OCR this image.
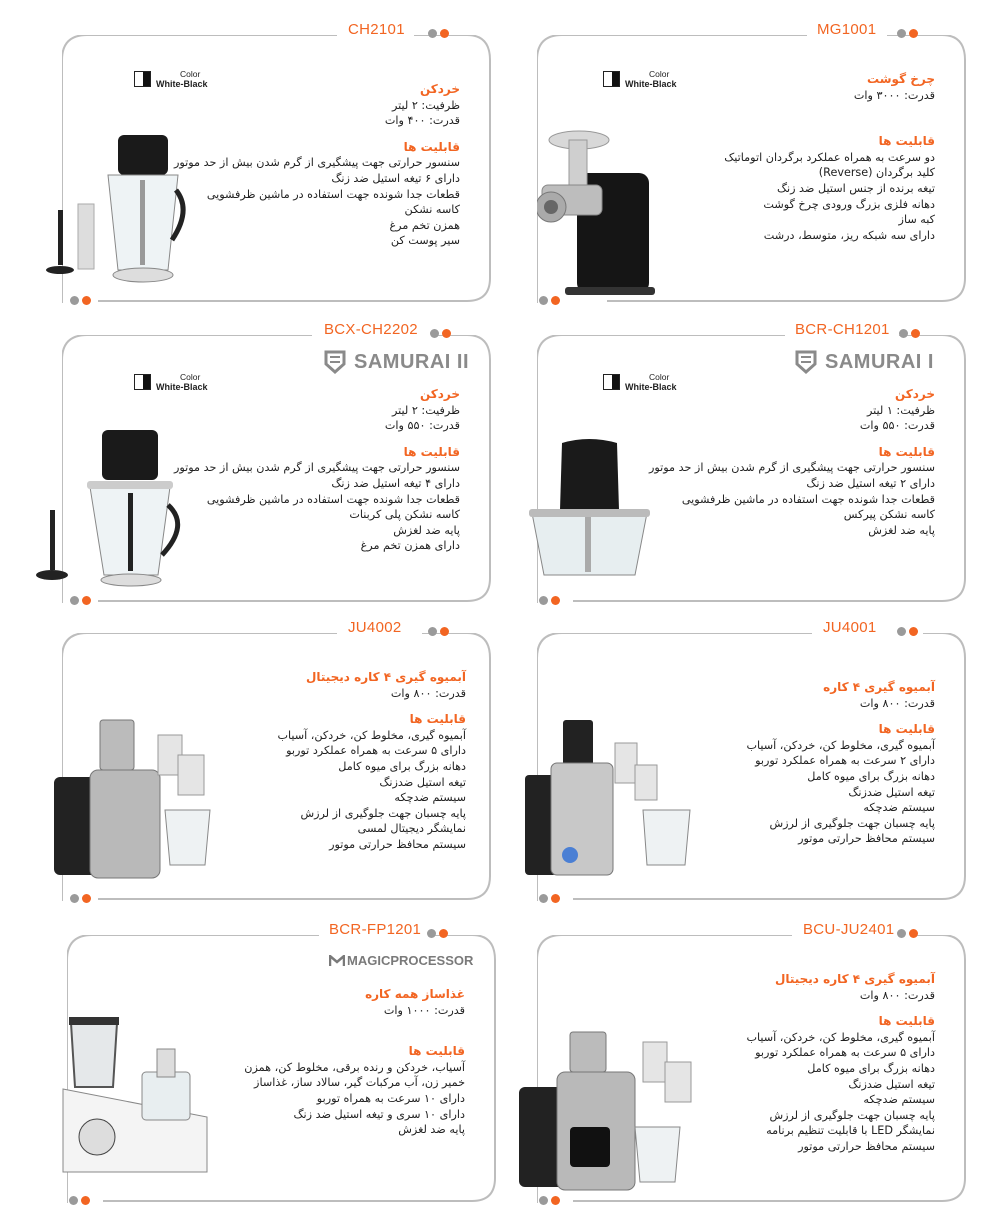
MG1001
Color
White-Black	چرخ گوشت
قدرت: ۳۰۰۰ وات
قابلیت ها
دو سرعت به همراه عملکرد برگردان اتوماتیک
کلید برگردان (Reverse)
تیغه برنده از جنس استیل ضد زنگ
دهانه فلزی بزرگ ورودی چرخ گوشت
کبه ساز
دارای سه شبکه ریز، متوسط، درشت
CH2101
Color
White-Black	خردکن
ظرفیت: ۲ لیتر
قدرت: ۴۰۰ وات
قابلیت ها
سنسور حرارتی جهت پیشگیری از گرم شدن بیش از حد موتور
دارای ۶ تیغه استیل ضد زنگ
قطعات جدا شونده جهت استفاده در ماشین ظرفشویی
کاسه نشکن
همزن تخم مرغ
سیر پوست کن
BCR-CH1201
SAMURAI I
Color
White-Black	خردکن
ظرفیت: ۱ لیتر
قدرت: ۵۵۰ وات
قابلیت ها
سنسور حرارتی جهت پیشگیری از گرم شدن بیش از حد موتور
دارای ۲ تیغه استیل ضد زنگ
قطعات جدا شونده جهت استفاده در ماشین ظرفشویی
کاسه نشکن پیرکس
پایه ضد لغزش
BCX-CH2202
SAMURAI II
Color
White-Black	خردکن
ظرفیت: ۲ لیتر
قدرت: ۵۵۰ وات
قابلیت ها
سنسور حرارتی جهت پیشگیری از گرم شدن بیش از حد موتور
دارای ۴ تیغه استیل ضد زنگ
قطعات جدا شونده جهت استفاده در ماشین ظرفشویی
کاسه نشکن پلی کربنات
پایه ضد لغزش
دارای همزن تخم مرغ
JU4001
آبمیوه گیری ۴ کاره
قدرت: ۸۰۰ وات
قابلیت ها
آبمیوه گیری، مخلوط کن، خردکن، آسیاب
دارای ۲ سرعت به همراه عملکرد توربو
دهانه بزرگ برای میوه کامل
تیغه استیل ضدزنگ
سیستم ضدچکه
پایه چسبان جهت جلوگیری از لرزش
سیستم محافظ حرارتی موتور
JU4002
آبمیوه گیری ۴ کاره دیجیتال
قدرت: ۸۰۰ وات
قابلیت ها
آبمیوه گیری، مخلوط کن، خردکن، آسیاب
دارای ۵ سرعت به همراه عملکرد توربو
دهانه بزرگ برای میوه کامل
تیغه استیل ضدزنگ
سیستم ضدچکه
پایه چسبان جهت جلوگیری از لرزش
نمایشگر دیجیتال لمسی
سیستم محافظ حرارتی موتور
BCU-JU2401
آبمیوه گیری ۴ کاره دیجیتال
قدرت: ۸۰۰ وات
قابلیت ها
آبمیوه گیری، مخلوط کن، خردکن، آسیاب
دارای ۵ سرعت به همراه عملکرد توربو
دهانه بزرگ برای میوه کامل
تیغه استیل ضدزنگ
سیستم ضدچکه
پایه چسبان جهت جلوگیری از لرزش
نمایشگر LED با قابلیت تنظیم برنامه
سیستم محافظ حرارتی موتور
BCR-FP1201
MAGICPROCESSOR
غذاساز همه کاره
قدرت: ۱۰۰۰ وات
قابلیت ها
آسیاب، خردکن و رنده برقی، مخلوط کن، همزن
خمیر زن، آب مرکبات گیر، سالاد ساز، غذاساز
دارای ۱۰ سرعت به همراه توربو
دارای ۱۰ سری و تیغه استیل ضد زنگ
پایه ضد لغزش
